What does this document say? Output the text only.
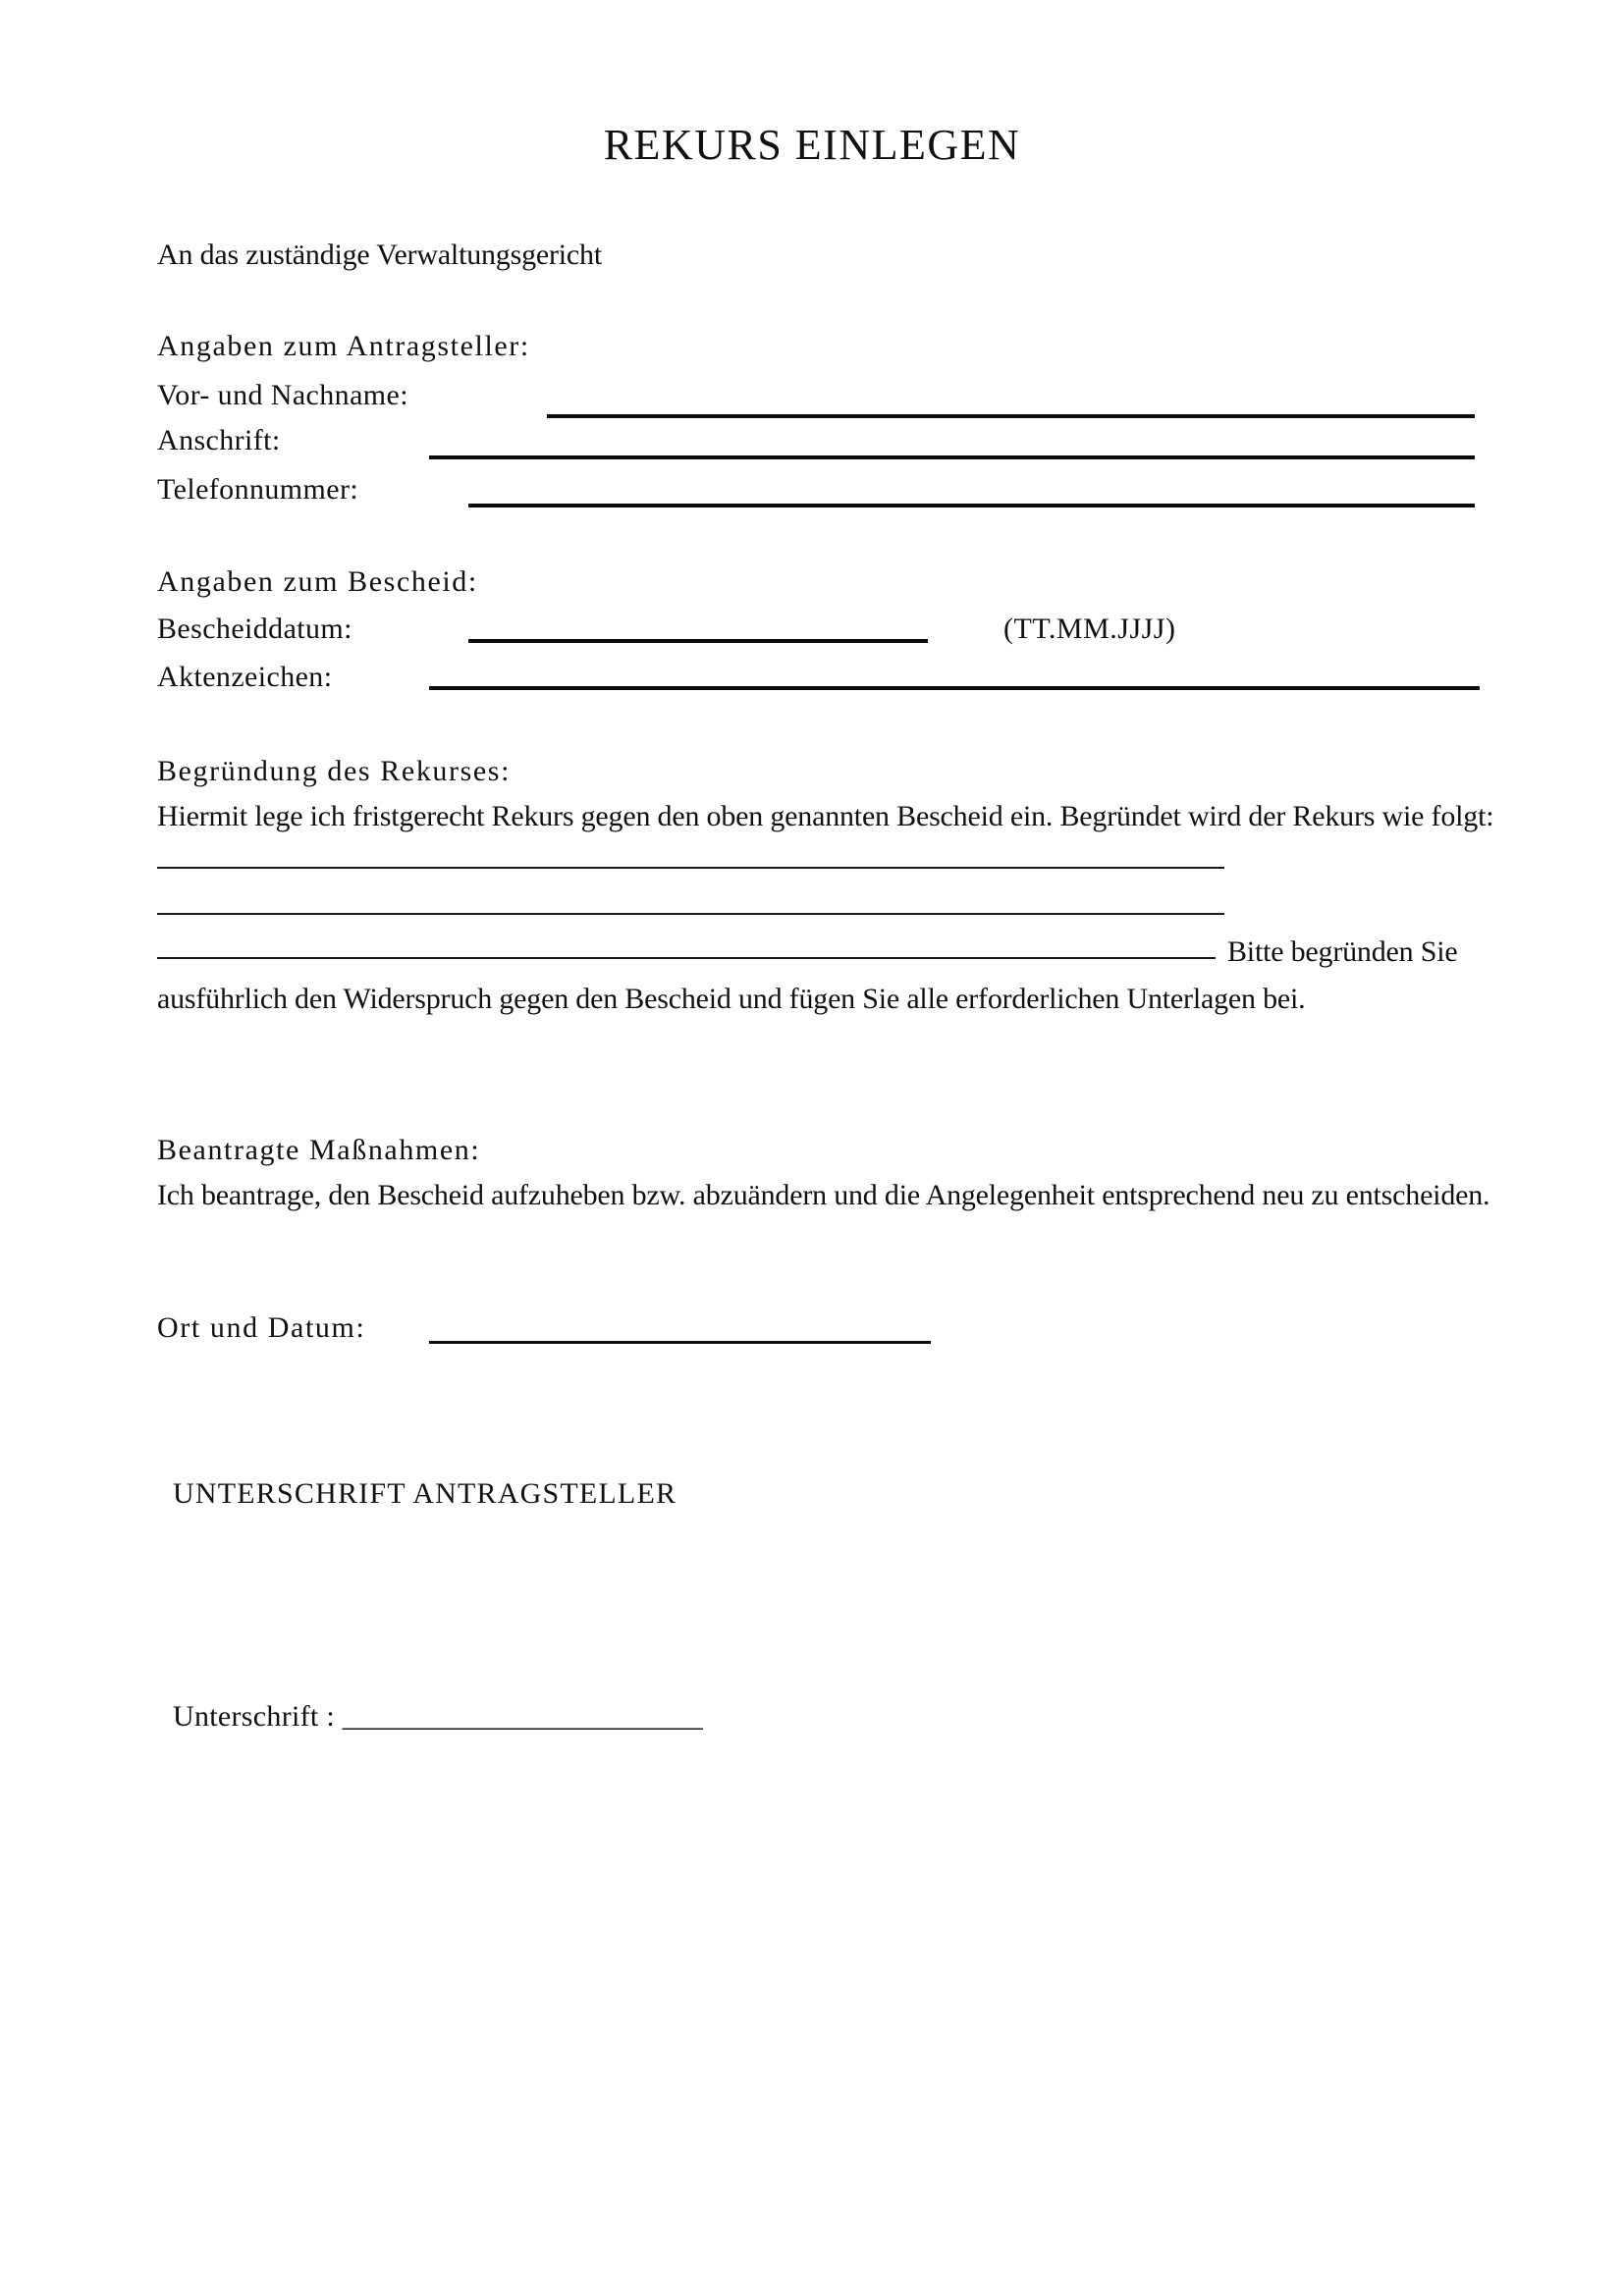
REKURS EINLEGEN
An das zuständige Verwaltungsgericht
Angaben zum Antragsteller:
Vor- und Nachname:
Anschrift:
Telefonnummer:
Angaben zum Bescheid:
Bescheiddatum:	(TT.MM.JJJJ)
Aktenzeichen:
Begründung des Rekurses:
Hiermit lege ich fristgerecht Rekurs gegen den oben genannten Bescheid ein. Begründet wird der Rekurs wie folgt:
Bitte begründen Sie
ausführlich den Widerspruch gegen den Bescheid und fügen Sie alle erforderlichen Unterlagen bei.
Beantragte Maßnahmen:
Ich beantrage, den Bescheid aufzuheben bzw. abzuändern und die Angelegenheit entsprechend neu zu entscheiden.
Ort und Datum:
UNTERSCHRIFT ANTRAGSTELLER
Unterschrift : ________________________
